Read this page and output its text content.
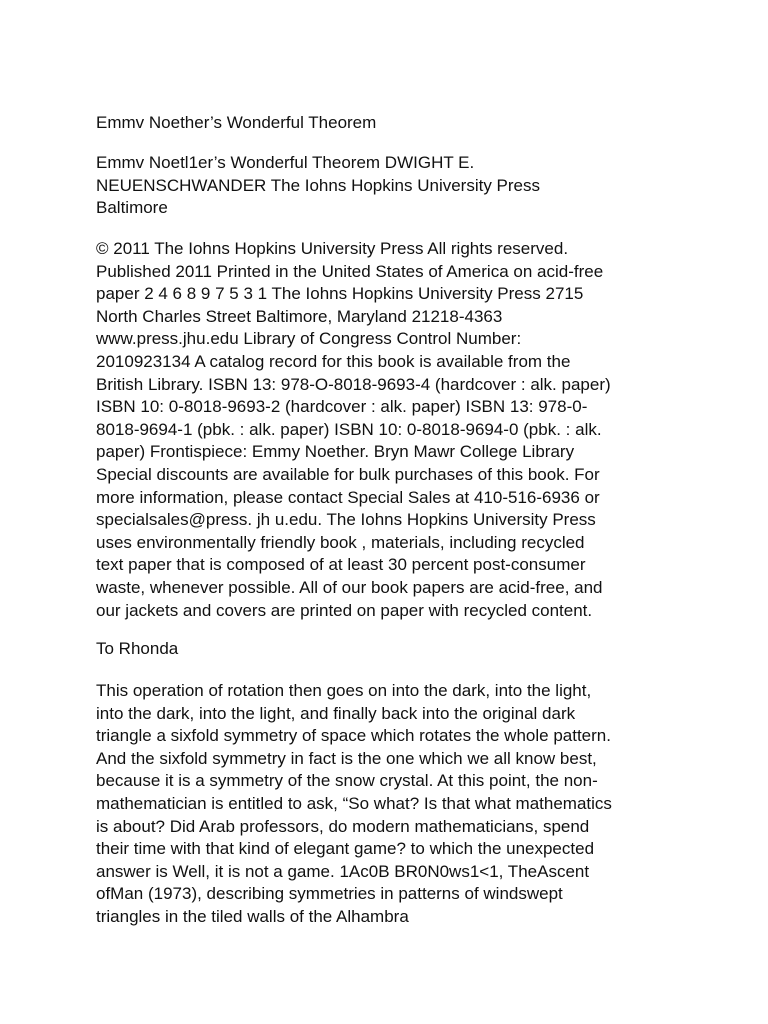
Emmv Noether’s Wonderful Theorem

Emmv Noetl1er’s Wonderful Theorem DWIGHT E.
NEUENSCHWANDER The Iohns Hopkins University Press
Baltimore

© 2011 The Iohns Hopkins University Press All rights reserved.
Published 2011 Printed in the United States of America on acid-free
paper 2 4 6 8 9 7 5 3 1 The Iohns Hopkins University Press 2715
North Charles Street Baltimore, Maryland 21218-4363
www.press.jhu.edu Library of Congress Control Number:
2010923134 A catalog record for this book is available from the
British Library. ISBN 13: 978-O-8018-9693-4 (hardcover : alk. paper)
ISBN 10: 0-8018-9693-2 (hardcover : alk. paper) ISBN 13: 978-0-
8018-9694-1 (pbk. : alk. paper) ISBN 10: 0-8018-9694-0 (pbk. : alk.
paper) Frontispiece: Emmy Noether. Bryn Mawr College Library
Special discounts are available for bulk purchases of this book. For
more information, please contact Special Sales at 410-516-6936 or
specialsales@press. jh u.edu. The Iohns Hopkins University Press
uses environmentally friendly book , materials, including recycled
text paper that is composed of at least 30 percent post-consumer
waste, whenever possible. All of our book papers are acid-free, and
our jackets and covers are printed on paper with recycled content.

To Rhonda

This operation of rotation then goes on into the dark, into the light,
into the dark, into the light, and finally back into the original dark
triangle a sixfold symmetry of space which rotates the whole pattern.
And the sixfold symmetry in fact is the one which we all know best,
because it is a symmetry of the snow crystal. At this point, the non-
mathematician is entitled to ask, “So what? Is that what mathematics
is about? Did Arab professors, do modern mathematicians, spend
their time with that kind of elegant game? to which the unexpected
answer is Well, it is not a game. 1Ac0B BR0N0ws1<1, TheAscent
ofMan (1973), describing symmetries in patterns of windswept
triangles in the tiled walls of the Alhambra
